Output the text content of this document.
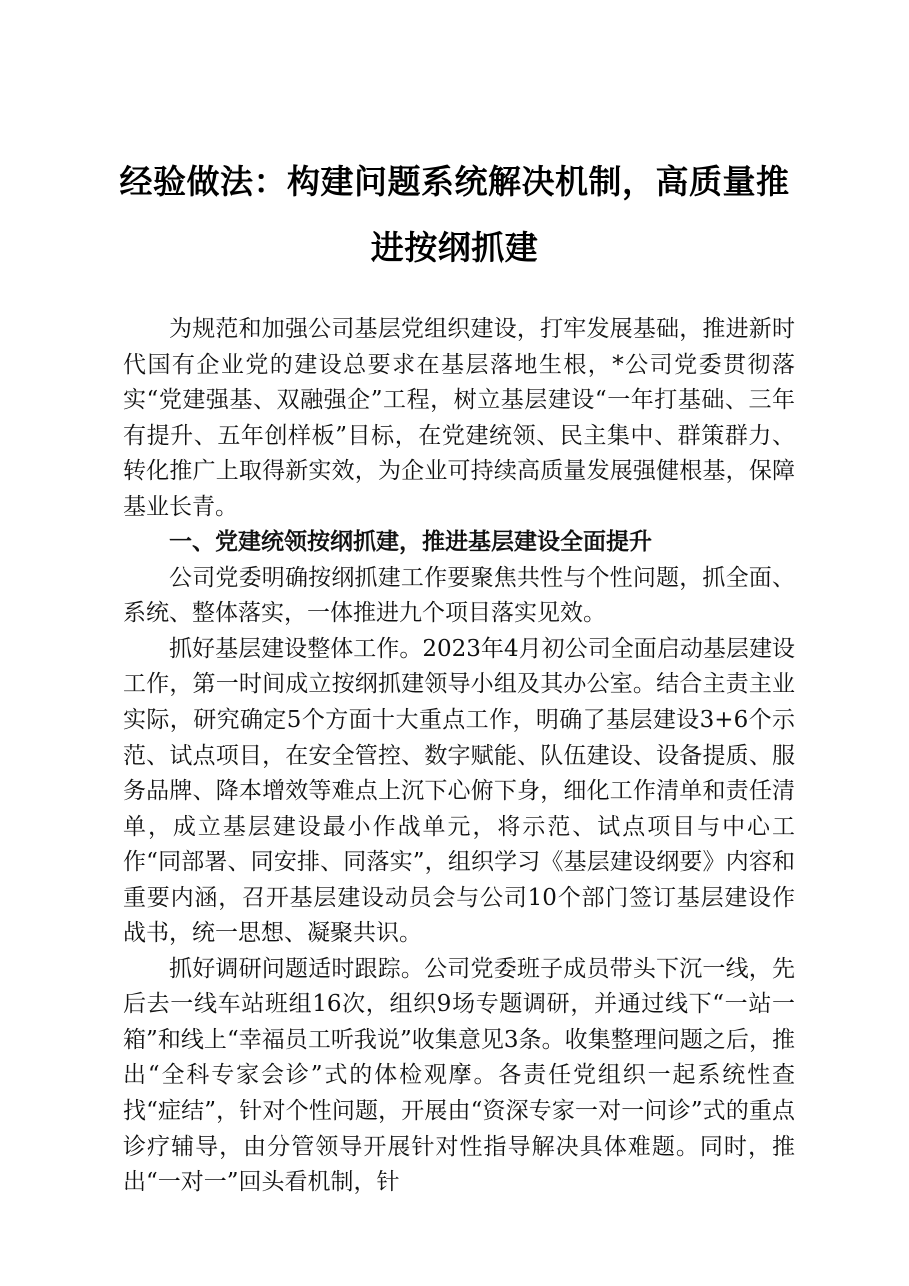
经验做法：构建问题系统解决机制，高质量推
进按纲抓建

为规范和加强公司基层党组织建设，打牢发展基础，推进新时代国有企业党的建设总要求在基层落地生根，*公司党委贯彻落实“党建强基、双融强企”工程，树立基层建设“一年打基础、三年有提升、五年创样板”目标，在党建统领、民主集中、群策群力、转化推广上取得新实效，为企业可持续高质量发展强健根基，保障基业长青。

一、党建统领按纲抓建，推进基层建设全面提升

公司党委明确按纲抓建工作要聚焦共性与个性问题，抓全面、系统、整体落实，一体推进九个项目落实见效。

抓好基层建设整体工作。2023年4月初公司全面启动基层建设工作，第一时间成立按纲抓建领导小组及其办公室。结合主责主业实际，研究确定5个方面十大重点工作，明确了基层建设3+6个示范、试点项目，在安全管控、数字赋能、队伍建设、设备提质、服务品牌、降本增效等难点上沉下心俯下身，细化工作清单和责任清单，成立基层建设最小作战单元，将示范、试点项目与中心工作“同部署、同安排、同落实”，组织学习《基层建设纲要》内容和重要内涵，召开基层建设动员会与公司10个部门签订基层建设作战书，统一思想、凝聚共识。

抓好调研问题适时跟踪。公司党委班子成员带头下沉一线，先后去一线车站班组16次，组织9场专题调研，并通过线下“一站一箱”和线上“幸福员工听我说”收集意见3条。收集整理问题之后，推出“全科专家会诊”式的体检观摩。各责任党组织一起系统性查找“症结”，针对个性问题，开展由“资深专家一对一问诊”式的重点诊疗辅导，由分管领导开展针对性指导解决具体难题。同时，推出“一对一”回头看机制，针
